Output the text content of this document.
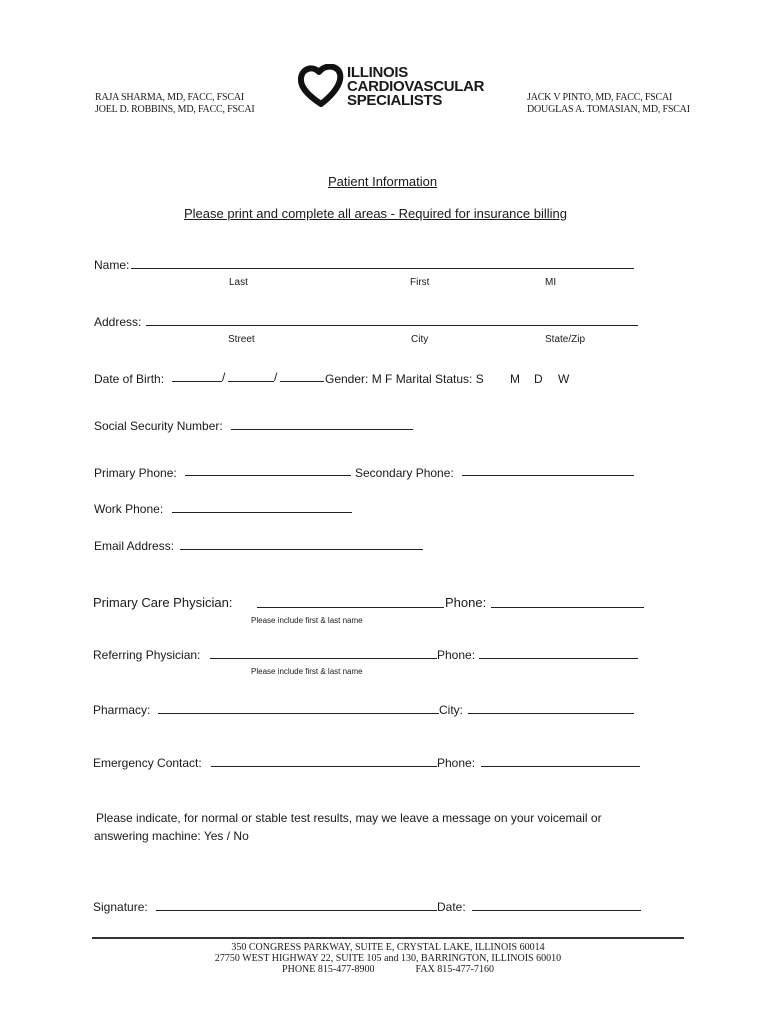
RAJA SHARMA, MD, FACC, FSCAI
JOEL D. ROBBINS, MD, FACC, FSCAI
ILLINOIS
CARDIOVASCULAR
SPECIALISTS	JACK V PINTO, MD, FACC, FSCAI
DOUGLAS A. TOMASIAN, MD, FSCAI
Patient Information
Please print and complete all areas - Required for insurance billing
Name:
Last	First	MI
Address:
Street	City	State/Zip
Date of Birth:	/	/	Gender: M F Marital Status: S M D W
Social Security Number:
Primary Phone:	Secondary Phone:
Work Phone:
Email Address:
Primary Care Physician:	Phone:
Please include first & last name
Referring Physician:	Phone:
Please include first & last name
Pharmacy:	City:
Emergency Contact:	Phone:
Please indicate, for normal or stable test results, may we leave a message on your voicemail or
answering machine: Yes / No
Signature:	Date:
350 CONGRESS PARKWAY, SUITE E, CRYSTAL LAKE, ILLINOIS 60014
27750 WEST HIGHWAY 22, SUITE 105 and 130, BARRINGTON, ILLINOIS 60010
PHONE 815-477-8900	FAX 815-477-7160
